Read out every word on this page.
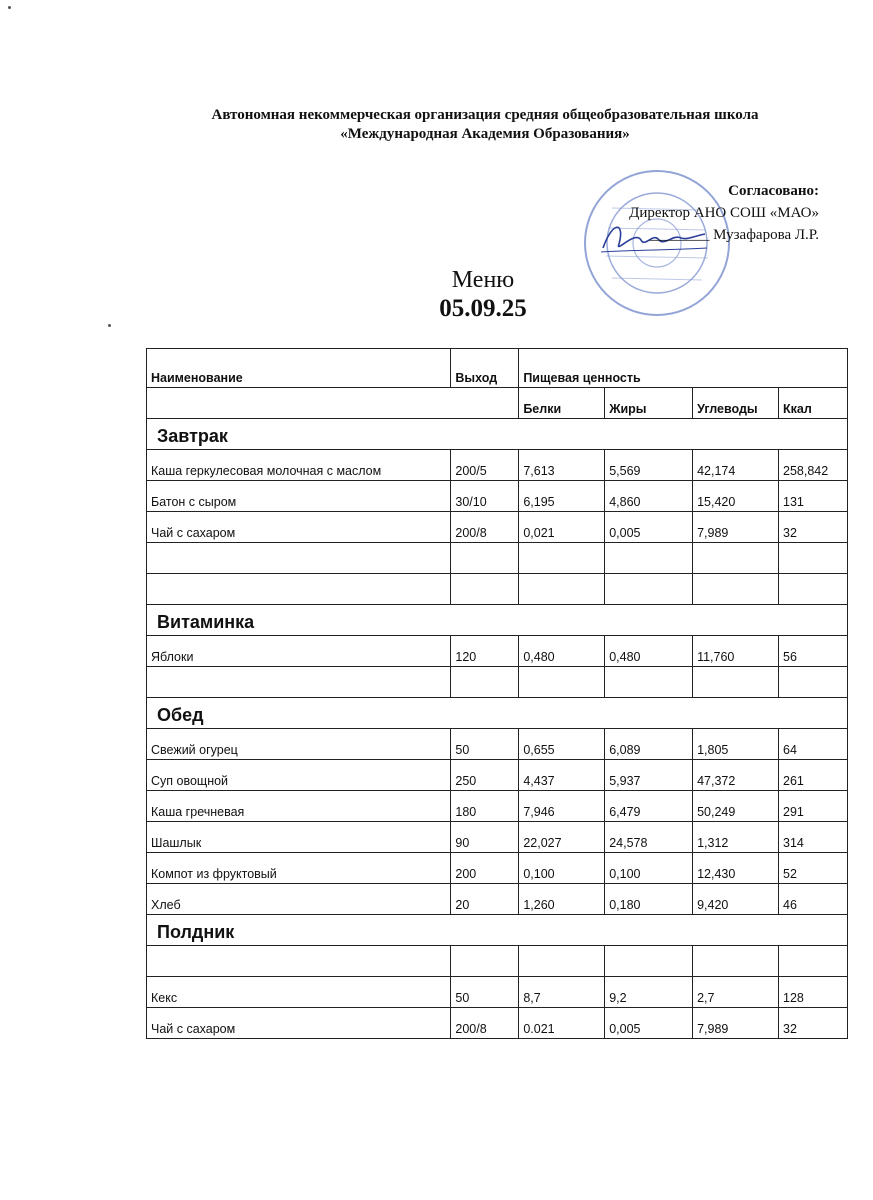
Автономная некоммерческая организация средняя общеобразовательная школа
«Международная Академия Образования»
Согласовано:
Директор АНО СОШ «МАО»
________ Музафарова Л.Р.
Меню
05.09.25
Наименование	Выход	Пищевая ценность			
		Белки	Жиры	Углеводы	Ккал
Завтрак					
Каша геркулесовая молочная с маслом	200/5	7,613	5,569	42,174	258,842
Батон с сыром	30/10	6,195	4,860	15,420	131
Чай с сахаром	200/8	0,021	0,005	7,989	32

Витаминка					
Яблоки	120	0,480	0,480	11,760	56

Обед					
Свежий огурец	50	0,655	6,089	1,805	64
Суп овощной	250	4,437	5,937	47,372	261
Каша гречневая	180	7,946	6,479	50,249	291
Шашлык	90	22,027	24,578	1,312	314
Компот из фруктовый	200	0,100	0,100	12,430	52
Хлеб	20	1,260	0,180	9,420	46
Полдник					

Кекс	50	8,7	9,2	2,7	128
Чай с сахаром	200/8	0.021	0,005	7,989	32
